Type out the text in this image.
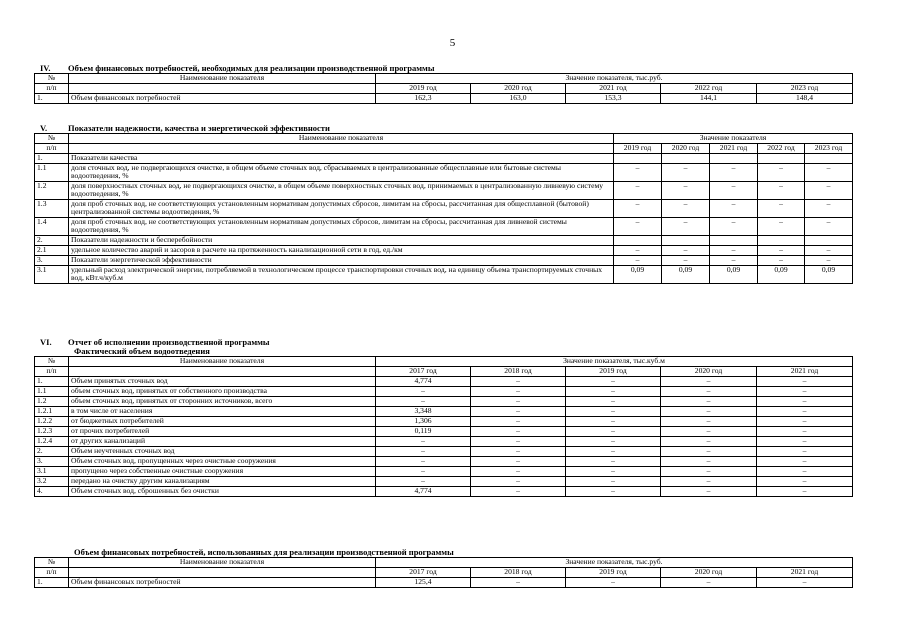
5
IV. Объем финансовых потребностей, необходимых для реализации производственной программы
№	Наименование показателя	Значение показателя, тыс.руб.				
п/п		2019 год	2020 год	2021 год	2022 год	2023 год
1.	Объем финансовых потребностей	162,3	163,0	153,3	144,1	148,4
V. Показатели надежности, качества и энергетической эффективности
№	Наименование показателя	Значение показателя				
п/п		2019 год	2020 год	2021 год	2022 год	2023 год
1.	Показатели качества					
1.1	доля сточных вод, не подвергающихся очистке, в общем объеме сточных вод, сбрасываемых в централизованные общесплавные или бытовые системы водоотведения, %	–	–	–	–	–
1.2	доля поверхностных сточных вод, не подвергающихся очистке, в общем объеме поверхностных сточных вод, принимаемых в централизованную ливневую систему водоотведения, %	–	–	–	–	–
1.3	доля проб сточных вод, не соответствующих установленным нормативам допустимых сбросов, лимитам на сбросы, рассчитанная для общесплавной (бытовой) централизованной системы водоотведения, %	–	–	–	–	–
1.4	доля проб сточных вод, не соответствующих установленным нормативам допустимых сбросов, лимитам на сбросы, рассчитанная для ливневой системы водоотведения, %	–	–	–	–	–
2.	Показатели надежности и бесперебойности					
2.1	удельное количество аварий и засоров в расчете на протяженность канализационной сети в год, ед./км	–	–	–	–	–
3.	Показатели энергетической эффективности	–	–	–	–	–
3.1	удельный расход электрической энергии, потребляемой в технологическом процессе транспортировки сточных вод, на единицу объема транспортируемых сточных вод, кВт.ч/куб.м	0,09	0,09	0,09	0,09	0,09
VI. Отчет об исполнении производственной программы
Фактический объем водоотведения
№	Наименование показателя	Значение показателя, тыс.куб.м				
п/п		2017 год	2018 год	2019 год	2020 год	2021 год
1.	Объем принятых сточных вод	4,774	–	–	–	–
1.1	объем сточных вод, принятых от собственного производства	–	–	–	–	–
1.2	объем сточных вод, принятых от сторонних источников, всего	–	–	–	–	–
1.2.1	в том числе от населения	3,348	–	–	–	–
1.2.2	от бюджетных потребителей	1,306	–	–	–	–
1.2.3	от прочих потребителей	0,119	–	–	–	–
1.2.4	от других канализаций	–	–	–	–	–
2.	Объем неучтенных сточных вод	–	–	–	–	–
3.	Объем сточных вод, пропущенных через очистные сооружения	–	–	–	–	–
3.1	пропущено через собственные очистные сооружения	–	–	–	–	–
3.2	передано на очистку другим канализациям	–	–	–	–	–
4.	Объем сточных вод, сброшенных без очистки	4,774	–	–	–	–
Объем финансовых потребностей, использованных для реализации производственной программы
№	Наименование показателя	Значение показателя, тыс.руб.				
п/п		2017 год	2018 год	2019 год	2020 год	2021 год
1.	Объем финансовых потребностей	125,4	–	–	–	–
